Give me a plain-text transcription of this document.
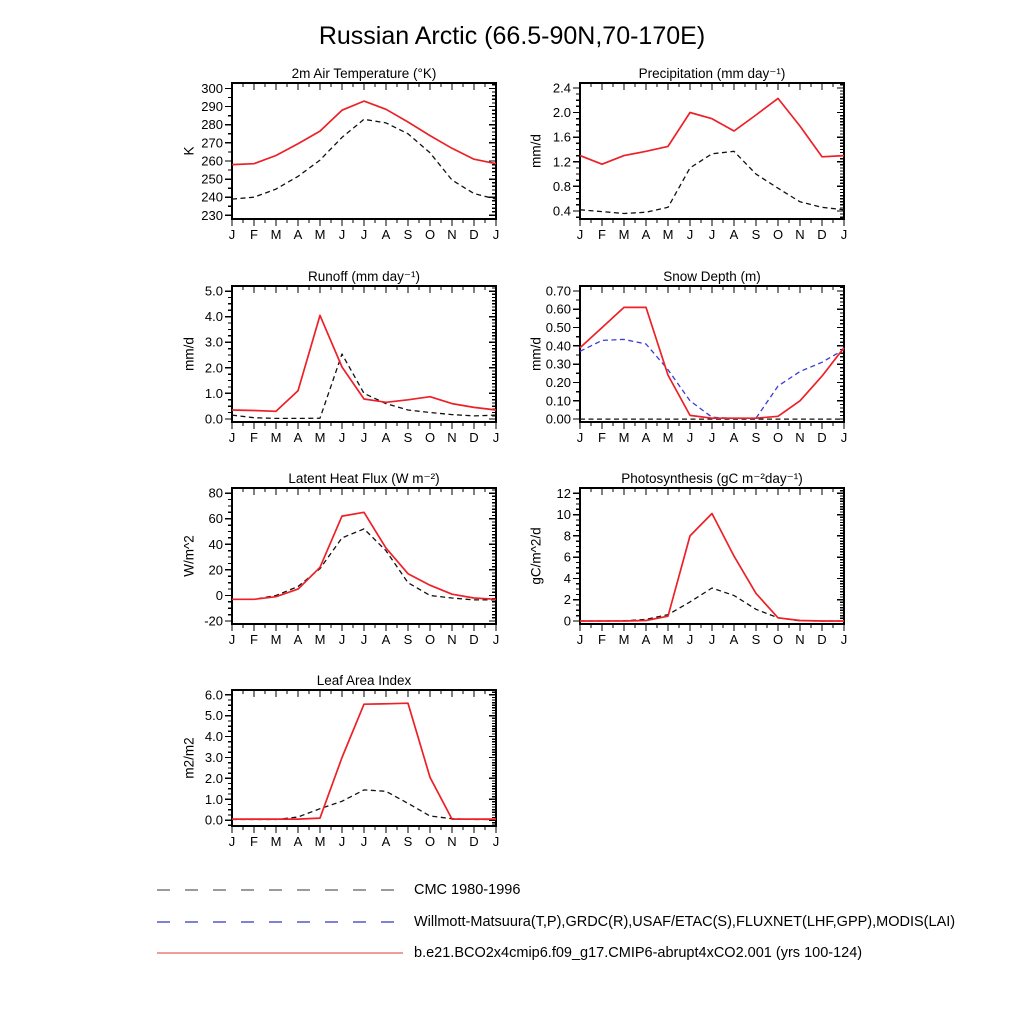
J F M A M J J A S O N D J
230
240
250
260
270
280
290
300
J F M A M J J A S O N D J
0.4
0.8
1.2
1.6
2.0
2.4
J F M A M J J A S O N D J
0.0
1.0
2.0
3.0
4.0
5.0
J F M A M J J A S O N D J
0.00
0.10
0.20
0.30
0.40
0.50
0.60
0.70
J F M A M J J A S O N D J
-20
0
20
40
60
80
J F M A M J J A S O N D J
0
2
4
6
8
10
12
J F M A M J J A S O N D J
0.0
1.0
2.0
3.0
4.0
5.0
6.0
Russian Arctic (66.5-90N,70-170E)
2m Air Temperature (°K)	Precipitation (mm day⁻¹)
Runoff (mm day⁻¹)	Snow Depth (m)
Latent Heat Flux (W m⁻²)	Photosynthesis (gC m⁻²day⁻¹)
Leaf Area Index
K	mm/d
mm/d	mm/d
W/m^2	gC/m^2/d
m2/m2
CMC 1980-1996
Willmott-Matsuura(T,P),GRDC(R),USAF/ETAC(S),FLUXNET(LHF,GPP),MODIS(LAI)
b.e21.BCO2x4cmip6.f09_g17.CMIP6-abrupt4xCO2.001 (yrs 100-124)
